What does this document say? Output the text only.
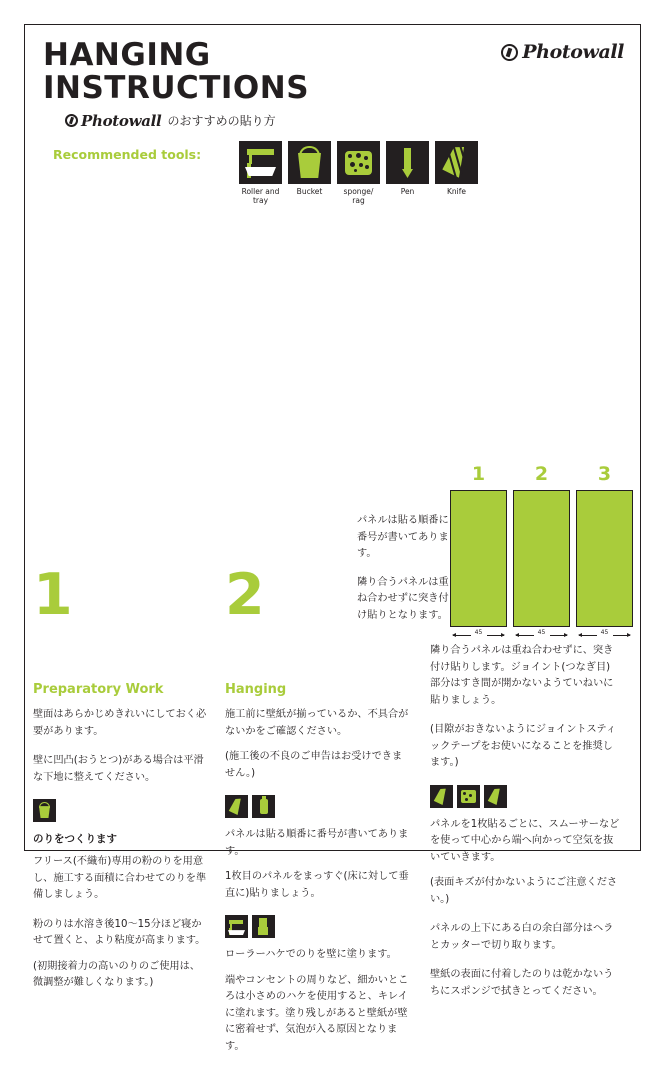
HANGING
INSTRUCTIONS
Photowall のおすすめの貼り方
Photowall
Recommended tools:
Roller and tray
Bucket	sponge/ rag
Pen	Knife

パネルは貼る順番に番号が書いてあります。

隣り合うパネルは重ね合わせずに突き付け貼りとなります。

1	2	3
45	45	45
1
Preparatory Work

壁面はあらかじめきれいにしておく必要があります。

壁に凹凸(おうとつ)がある場合は平滑な下地に整えてください。

のりをつくります

フリース(不織布)専用の粉のりを用意し、施工する面積に合わせてのりを準備しましょう。

粉のりは水溶き後10〜15分ほど寝かせて置くと、より粘度が高まります。

(初期接着力の高いのりのご使用は、微調整が難しくなります。)

2
Hanging

施工前に壁紙が揃っているか、不具合がないかをご確認ください。

(施工後の不良のご申告はお受けできません。)

パネルは貼る順番に番号が書いてあります。

1枚目のパネルをまっすぐ(床に対して垂直に)貼りましょう。

ローラーハケでのりを壁に塗ります。

端やコンセントの周りなど、細かいところは小さめのハケを使用すると、キレイに塗れます。塗り残しがあると壁紙が壁に密着せず、気泡が入る原因となります。

隣り合うパネルは重ね合わせずに、突き付け貼りします。ジョイント(つなぎ目)部分はすき間が開かないようていねいに貼りましょう。

(目隙がおきないようにジョイントスティックテープをお使いになることを推奨します。)

パネルを1枚貼るごとに、スムーサーなどを使って中心から端へ向かって空気を抜いていきます。

(表面キズが付かないようにご注意ください。)

パネルの上下にある白の余白部分はヘラとカッターで切り取ります。

壁紙の表面に付着したのりは乾かないうちにスポンジで拭きとってください。
